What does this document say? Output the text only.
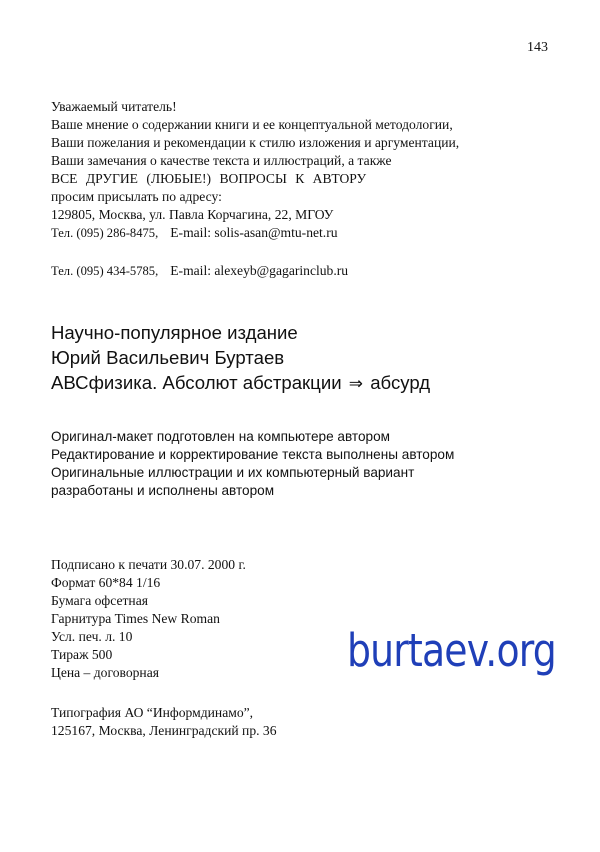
143
Уважаемый читатель!
Ваше мнение о содержании книги и ее концептуальной методологии,
Ваши пожелания и рекомендации к стилю изложения и аргументации,
Ваши замечания о качестве текста и иллюстраций, а также
ВСЕ ДРУГИЕ (ЛЮБЫЕ!) ВОПРОСЫ К АВТОРУ
просим присылать по адресу:
129805, Москва, ул. Павла Корчагина, 22, МГОУ
Тел. (095) 286-8475, E-mail: solis-asan@mtu-net.ru
Тел. (095) 434-5785, E-mail: alexeyb@gagarinclub.ru
Научно-популярное издание
Юрий Васильевич Буртаев
АВСфизика. Абсолют абстракции ⇒ абсурд
Оригинал-макет подготовлен на компьютере автором
Редактирование и корректирование текста выполнены автором
Оригинальные иллюстрации и их компьютерный вариант
разработаны и исполнены автором
Подписано к печати 30.07. 2000 г.
Формат 60*84 1/16
Бумага офсетная
Гарнитура Times New Roman
Усл. печ. л. 10
Тираж 500
Цена – договорная
Типография АО “Информдинамо”,
125167, Москва, Ленинградский пр. 36
burtaev.org
